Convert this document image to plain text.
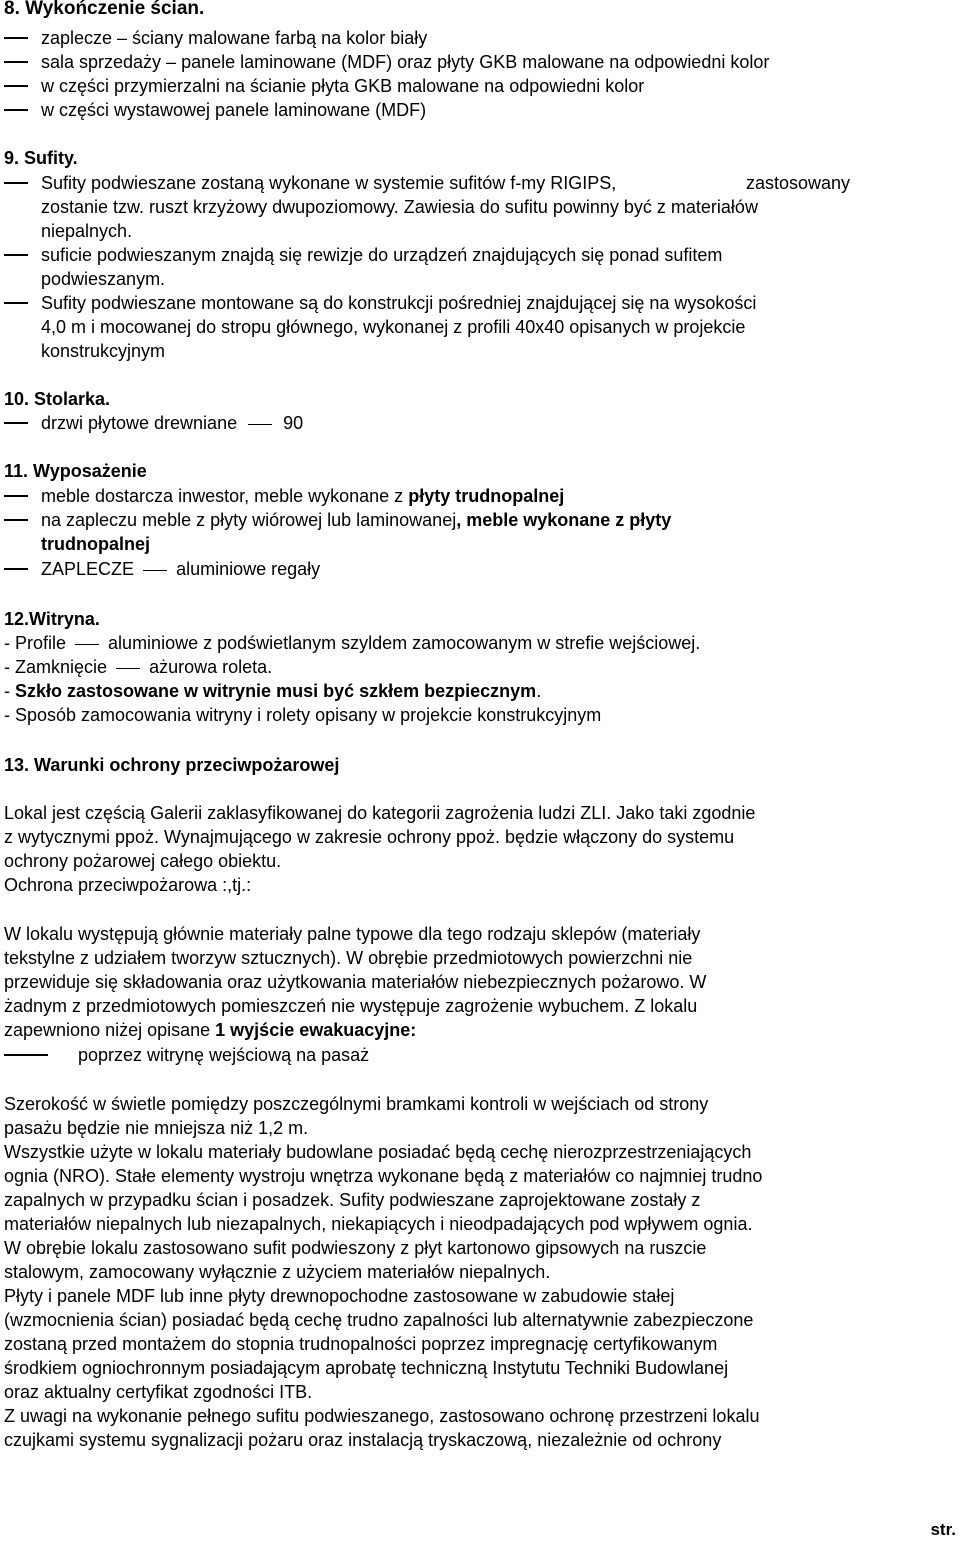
8. Wykończenie ścian.
zaplecze – ściany malowane farbą na kolor biały
sala sprzedaży – panele laminowane (MDF) oraz płyty GKB malowane na odpowiedni kolor
w części przymierzalni na ścianie płyta GKB malowane na odpowiedni kolor
w części wystawowej panele laminowane (MDF)
9. Sufity.
Sufity podwieszane zostaną wykonane w systemie sufitów f-my RIGIPS,	zastosowany
zostanie tzw. ruszt krzyżowy dwupoziomowy. Zawiesia do sufitu powinny być z materiałów
niepalnych.
suficie podwieszanym znajdą się rewizje do urządzeń znajdujących się ponad sufitem
podwieszanym.
Sufity podwieszane montowane są do konstrukcji pośredniej znajdującej się na wysokości
4,0 m i mocowanej do stropu głównego, wykonanej z profili 40x40 opisanych w projekcie
konstrukcyjnym
10. Stolarka.
drzwi płytowe drewniane	90
11. Wyposażenie
meble dostarcza inwestor, meble wykonane z płyty trudnopalnej
na zapleczu meble z płyty wiórowej lub laminowanej, meble wykonane z płyty
trudnopalnej
ZAPLECZE aluminiowe regały
12.Witryna.
- Profile aluminiowe z podświetlanym szyldem zamocowanym w strefie wejściowej.
- Zamknięcie ażurowa roleta.
- Szkło zastosowane w witrynie musi być szkłem bezpiecznym.
- Sposób zamocowania witryny i rolety opisany w projekcie konstrukcyjnym
13. Warunki ochrony przeciwpożarowej
Lokal jest częścią Galerii zaklasyfikowanej do kategorii zagrożenia ludzi ZLI. Jako taki zgodnie
z wytycznymi ppoż. Wynajmującego w zakresie ochrony ppoż. będzie włączony do systemu
ochrony pożarowej całego obiektu.
Ochrona przeciwpożarowa :,tj.:
W lokalu występują głównie materiały palne typowe dla tego rodzaju sklepów (materiały
tekstylne z udziałem tworzyw sztucznych). W obrębie przedmiotowych powierzchni nie
przewiduje się składowania oraz użytkowania materiałów niebezpiecznych pożarowo. W
żadnym z przedmiotowych pomieszczeń nie występuje zagrożenie wybuchem. Z lokalu
zapewniono niżej opisane 1 wyjście ewakuacyjne:
poprzez witrynę wejściową na pasaż
Szerokość w świetle pomiędzy poszczególnymi bramkami kontroli w wejściach od strony
pasażu będzie nie mniejsza niż 1,2 m.
Wszystkie użyte w lokalu materiały budowlane posiadać będą cechę nierozprzestrzeniających
ognia (NRO). Stałe elementy wystroju wnętrza wykonane będą z materiałów co najmniej trudno
zapalnych w przypadku ścian i posadzek. Sufity podwieszane zaprojektowane zostały z
materiałów niepalnych lub niezapalnych, niekapiących i nieodpadających pod wpływem ognia.
W obrębie lokalu zastosowano sufit podwieszony z płyt kartonowo gipsowych na ruszcie
stalowym, zamocowany wyłącznie z użyciem materiałów niepalnych.
Płyty i panele MDF lub inne płyty drewnopochodne zastosowane w zabudowie stałej
(wzmocnienia ścian) posiadać będą cechę trudno zapalności lub alternatywnie zabezpieczone
zostaną przed montażem do stopnia trudnopalności poprzez impregnację certyfikowanym
środkiem ogniochronnym posiadającym aprobatę techniczną Instytutu Techniki Budowlanej
oraz aktualny certyfikat zgodności ITB.
Z uwagi na wykonanie pełnego sufitu podwieszanego, zastosowano ochronę przestrzeni lokalu
czujkami systemu sygnalizacji pożaru oraz instalacją tryskaczową, niezależnie od ochrony
str.
